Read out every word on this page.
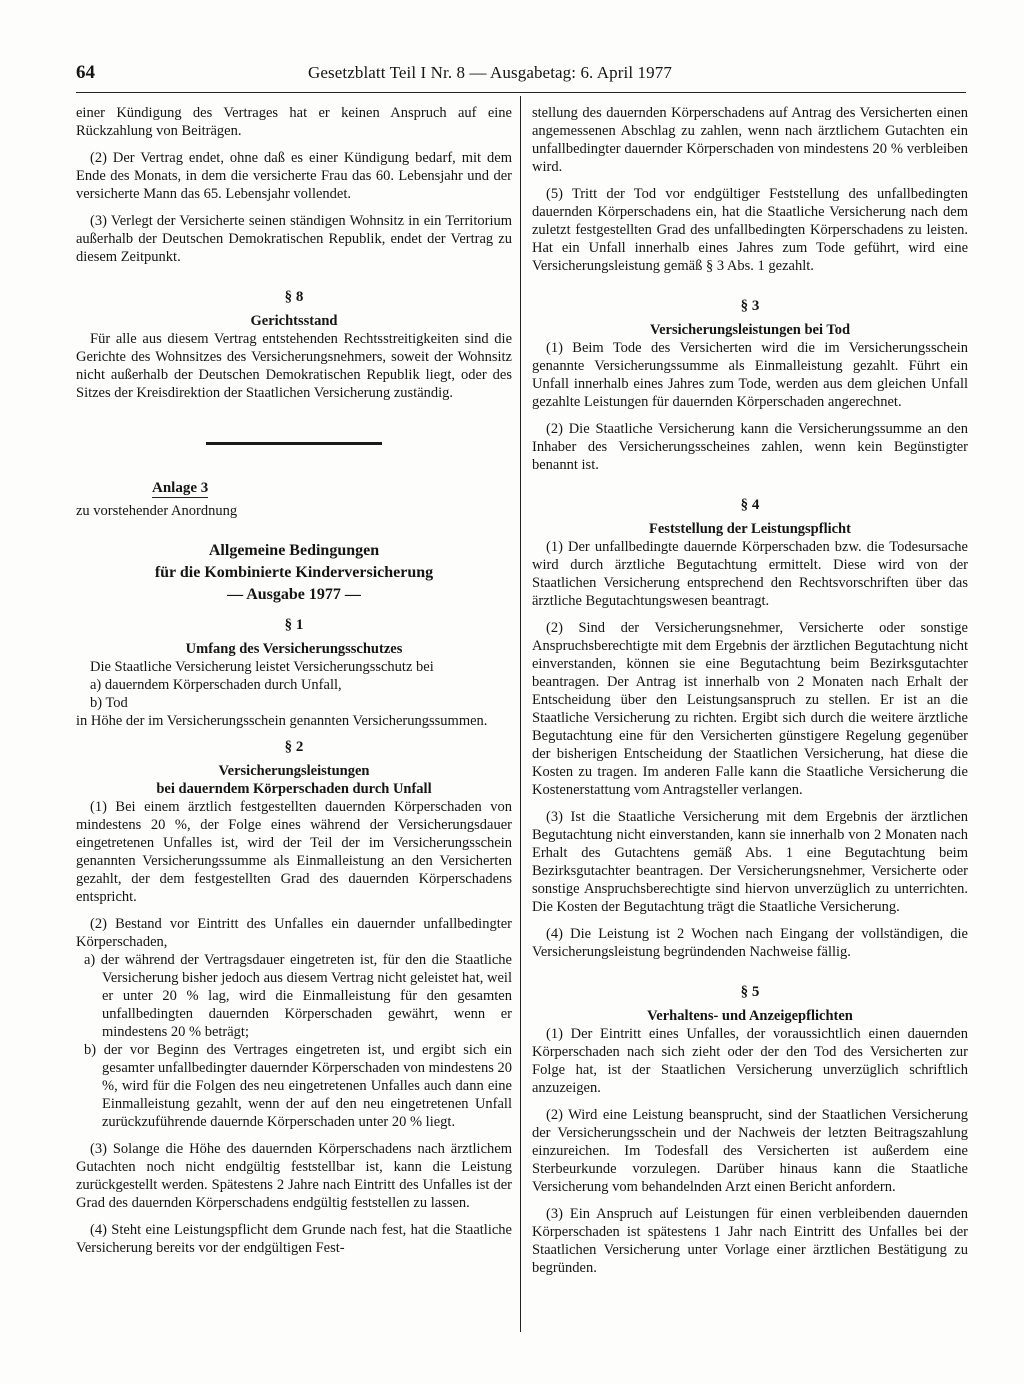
64	Gesetzblatt Teil I Nr. 8 — Ausgabetag: 6. April 1977

einer Kündigung des Vertrages hat er keinen Anspruch auf eine Rückzahlung von Beiträgen.

(2) Der Vertrag endet, ohne daß es einer Kündigung bedarf, mit dem Ende des Monats, in dem die versicherte Frau das 60. Lebensjahr und der versicherte Mann das 65. Lebensjahr vollendet.

(3) Verlegt der Versicherte seinen ständigen Wohnsitz in ein Territorium außerhalb der Deutschen Demokratischen Republik, endet der Vertrag zu diesem Zeitpunkt.

§ 8

Gerichtsstand

Für alle aus diesem Vertrag entstehenden Rechtsstreitigkeiten sind die Gerichte des Wohnsitzes des Versicherungsnehmers, soweit der Wohnsitz nicht außerhalb der Deutschen Demokratischen Republik liegt, oder des Sitzes der Kreisdirektion der Staatlichen Versicherung zuständig.

Anlage 3

zu vorstehender Anordnung

Allgemeine Bedingungen

für die Kombinierte Kinderversicherung

— Ausgabe 1977 —

§ 1

Umfang des Versicherungsschutzes

Die Staatliche Versicherung leistet Versicherungsschutz bei

a) dauerndem Körperschaden durch Unfall,

b) Tod

in Höhe der im Versicherungsschein genannten Versicherungssummen.

§ 2

Versicherungsleistungen

bei dauerndem Körperschaden durch Unfall

(1) Bei einem ärztlich festgestellten dauernden Körperschaden von mindestens 20 %, der Folge eines während der Versicherungsdauer eingetretenen Unfalles ist, wird der Teil der im Versicherungsschein genannten Versicherungssumme als Einmalleistung an den Versicherten gezahlt, der dem festgestellten Grad des dauernden Körperschadens entspricht.

(2) Bestand vor Eintritt des Unfalles ein dauernder unfallbedingter Körperschaden,

a) der während der Vertragsdauer eingetreten ist, für den die Staatliche Versicherung bisher jedoch aus diesem Vertrag nicht geleistet hat, weil er unter 20 % lag, wird die Einmalleistung für den gesamten unfallbedingten dauernden Körperschaden gewährt, wenn er mindestens 20 % beträgt;

b) der vor Beginn des Vertrages eingetreten ist, und ergibt sich ein gesamter unfallbedingter dauernder Körperschaden von mindestens 20 %, wird für die Folgen des neu eingetretenen Unfalles auch dann eine Einmalleistung gezahlt, wenn der auf den neu eingetretenen Unfall zurückzuführende dauernde Körperschaden unter 20 % liegt.

(3) Solange die Höhe des dauernden Körperschadens nach ärztlichem Gutachten noch nicht endgültig feststellbar ist, kann die Leistung zurückgestellt werden. Spätestens 2 Jahre nach Eintritt des Unfalles ist der Grad des dauernden Körperschadens endgültig feststellen zu lassen.

(4) Steht eine Leistungspflicht dem Grunde nach fest, hat die Staatliche Versicherung bereits vor der endgültigen Fest-

stellung des dauernden Körperschadens auf Antrag des Versicherten einen angemessenen Abschlag zu zahlen, wenn nach ärztlichem Gutachten ein unfallbedingter dauernder Körperschaden von mindestens 20 % verbleiben wird.

(5) Tritt der Tod vor endgültiger Feststellung des unfallbedingten dauernden Körperschadens ein, hat die Staatliche Versicherung nach dem zuletzt festgestellten Grad des unfallbedingten Körperschadens zu leisten. Hat ein Unfall innerhalb eines Jahres zum Tode geführt, wird eine Versicherungsleistung gemäß § 3 Abs. 1 gezahlt.

§ 3

Versicherungsleistungen bei Tod

(1) Beim Tode des Versicherten wird die im Versicherungsschein genannte Versicherungssumme als Einmalleistung gezahlt. Führt ein Unfall innerhalb eines Jahres zum Tode, werden aus dem gleichen Unfall gezahlte Leistungen für dauernden Körperschaden angerechnet.

(2) Die Staatliche Versicherung kann die Versicherungssumme an den Inhaber des Versicherungsscheines zahlen, wenn kein Begünstigter benannt ist.

§ 4

Feststellung der Leistungspflicht

(1) Der unfallbedingte dauernde Körperschaden bzw. die Todesursache wird durch ärztliche Begutachtung ermittelt. Diese wird von der Staatlichen Versicherung entsprechend den Rechtsvorschriften über das ärztliche Begutachtungswesen beantragt.

(2) Sind der Versicherungsnehmer, Versicherte oder sonstige Anspruchsberechtigte mit dem Ergebnis der ärztlichen Begutachtung nicht einverstanden, können sie eine Begutachtung beim Bezirksgutachter beantragen. Der Antrag ist innerhalb von 2 Monaten nach Erhalt der Entscheidung über den Leistungsanspruch zu stellen. Er ist an die Staatliche Versicherung zu richten. Ergibt sich durch die weitere ärztliche Begutachtung eine für den Versicherten günstigere Regelung gegenüber der bisherigen Entscheidung der Staatlichen Versicherung, hat diese die Kosten zu tragen. Im anderen Falle kann die Staatliche Versicherung die Kostenerstattung vom Antragsteller verlangen.

(3) Ist die Staatliche Versicherung mit dem Ergebnis der ärztlichen Begutachtung nicht einverstanden, kann sie innerhalb von 2 Monaten nach Erhalt des Gutachtens gemäß Abs. 1 eine Begutachtung beim Bezirksgutachter beantragen. Der Versicherungsnehmer, Versicherte oder sonstige Anspruchsberechtigte sind hiervon unverzüglich zu unterrichten. Die Kosten der Begutachtung trägt die Staatliche Versicherung.

(4) Die Leistung ist 2 Wochen nach Eingang der vollständigen, die Versicherungsleistung begründenden Nachweise fällig.

§ 5

Verhaltens- und Anzeigepflichten

(1) Der Eintritt eines Unfalles, der voraussichtlich einen dauernden Körperschaden nach sich zieht oder der den Tod des Versicherten zur Folge hat, ist der Staatlichen Versicherung unverzüglich schriftlich anzuzeigen.

(2) Wird eine Leistung beansprucht, sind der Staatlichen Versicherung der Versicherungsschein und der Nachweis der letzten Beitragszahlung einzureichen. Im Todesfall des Versicherten ist außerdem eine Sterbeurkunde vorzulegen. Darüber hinaus kann die Staatliche Versicherung vom behandelnden Arzt einen Bericht anfordern.

(3) Ein Anspruch auf Leistungen für einen verbleibenden dauernden Körperschaden ist spätestens 1 Jahr nach Eintritt des Unfalles bei der Staatlichen Versicherung unter Vorlage einer ärztlichen Bestätigung zu begründen.
